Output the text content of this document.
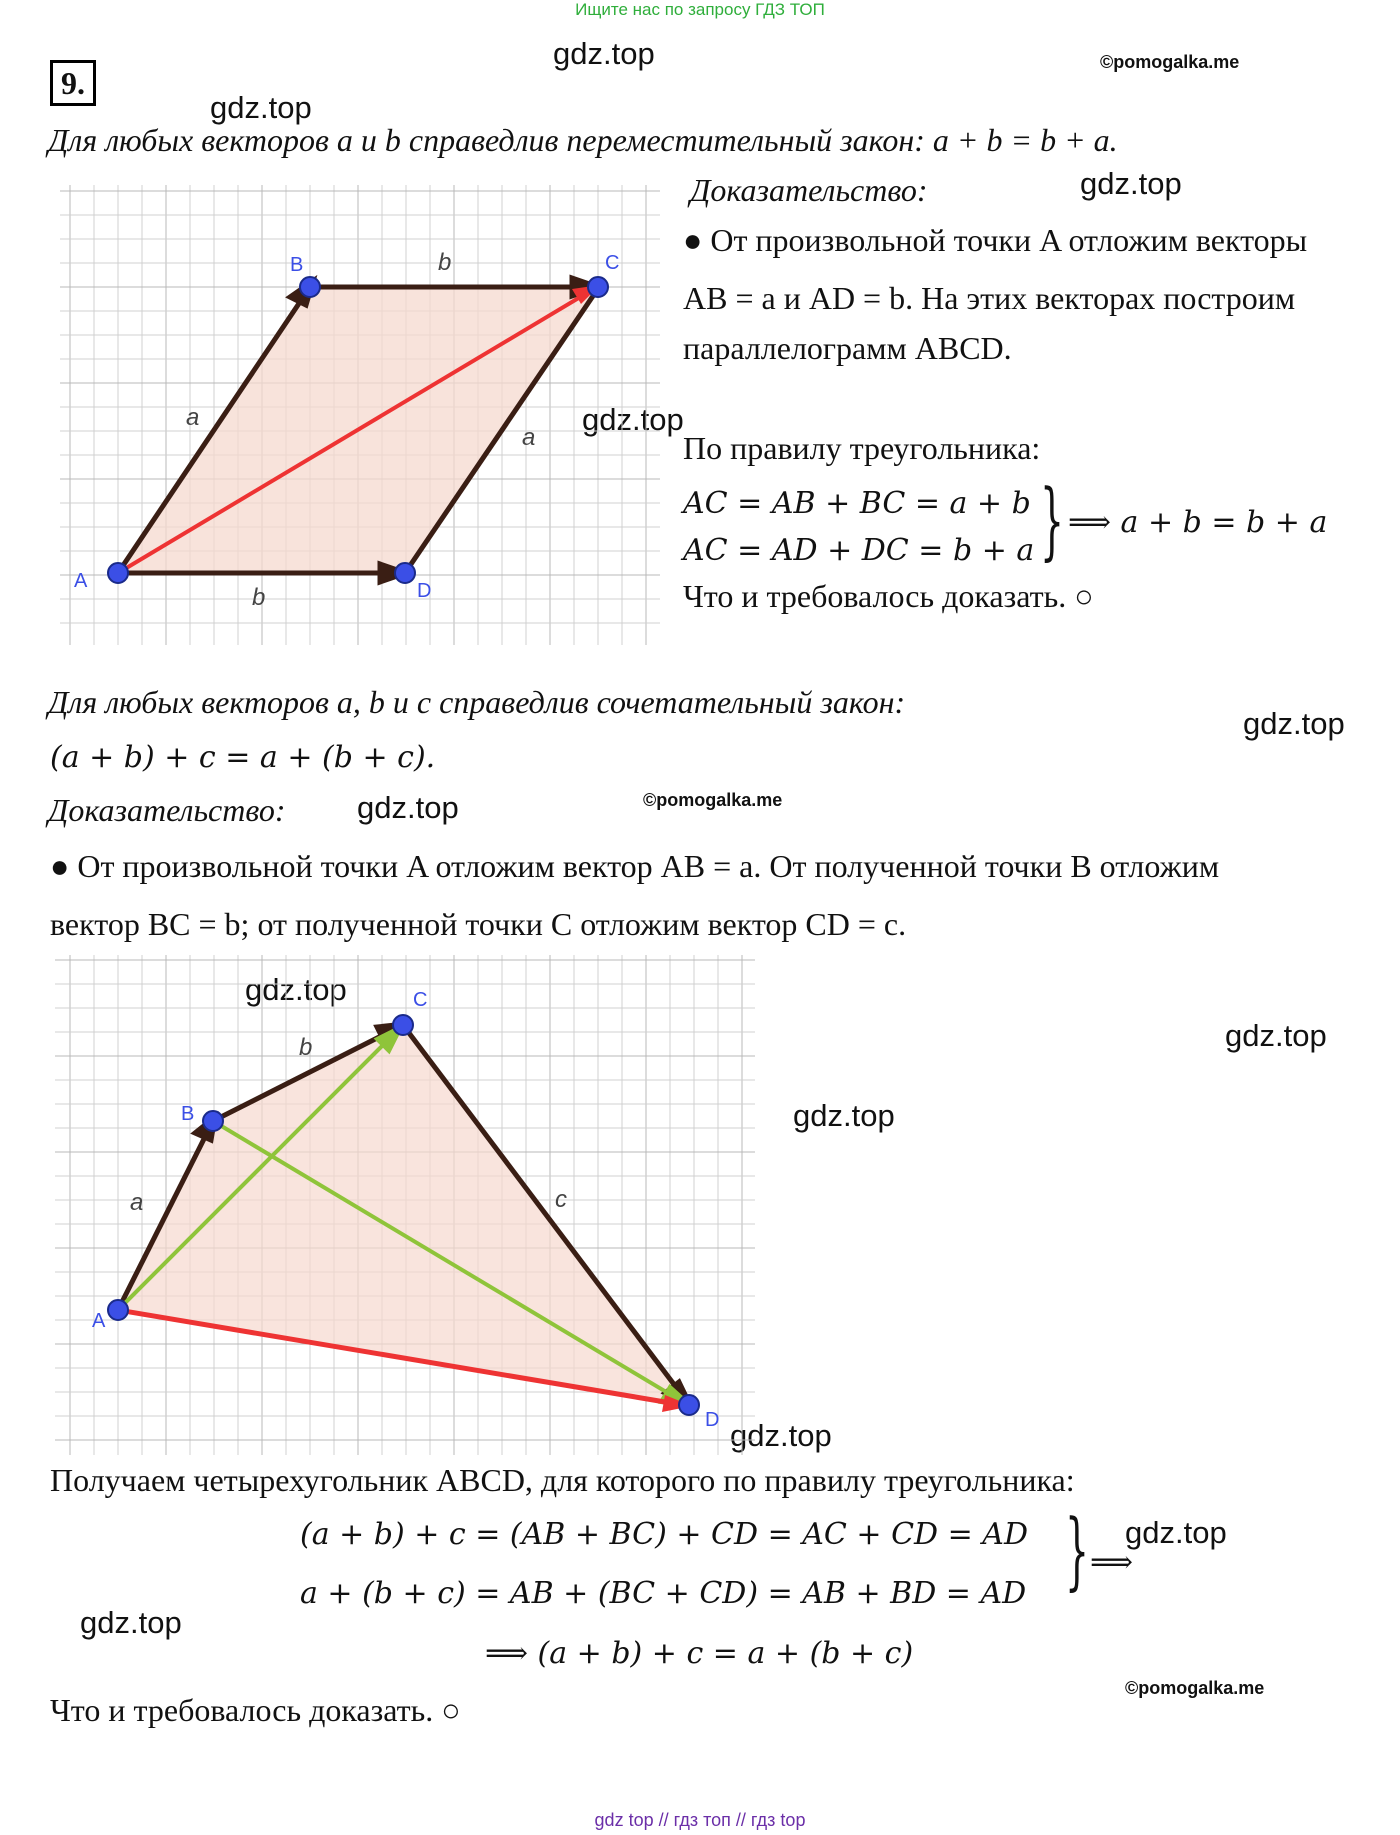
Ищите нас по запросу ГДЗ ТОП
gdz.top	©pomogalka.me
gdz.top
gdz.top
gdz.top
gdz.top
gdz.top	©pomogalka.me
gdz.top
gdz.top
gdz.top
gdz.top
gdz.top
gdz.top
©pomogalka.me
9.
Для любых векторов a и b справедлив переместительный закон: a + b = b + a.
A
B	C
D
a
b
a
b
Доказательство:
● От произвольной точки A отложим векторы
AB = a и AD = b. На этих векторах построим
параллелограмм ABCD.
По правилу треугольника:
AC = AB + BC = a + b
AC = AD + DC = b + a } ⟹ a + b = b + a
Что и требовалось доказать. ○
Для любых векторов a, b и c справедлив сочетательный закон:
(a + b) + c = a + (b + c).
Доказательство:
● От произвольной точки A отложим вектор AB = a. От полученной точки B отложим
вектор BC = b; от полученной точки C отложим вектор CD = c.
A
B
C
D
a
b
c
Получаем четырехугольник ABCD, для которого по правилу треугольника:
(a + b) + c = (AB + BC) + CD = AC + CD = AD
a + (b + c) = AB + (BC + CD) = AB + BD = AD } ⟹
⟹ (a + b) + c = a + (b + c)
Что и требовалось доказать. ○
gdz top // гдз топ // гдз top
